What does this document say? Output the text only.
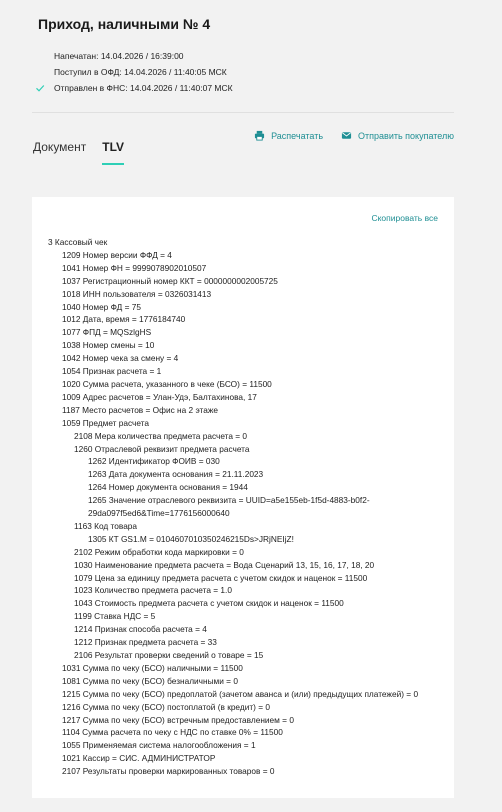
Приход, наличными № 4
Напечатан: 14.04.2026 / 16:39:00
Поступил в ОФД: 14.04.2026 / 11:40:05 МСК
Отправлен в ФНС: 14.04.2026 / 11:40:07 МСК
Распечатать	Отправить покупателю
Документ TLV
Скопировать все
3 Кассовый чек
1209 Номер версии ФФД = 4
1041 Номер ФН = 9999078902010507
1037 Регистрационный номер ККТ = 0000000002005725
1018 ИНН пользователя = 0326031413
1040 Номер ФД = 75
1012 Дата, время = 1776184740
1077 ФПД = MQSzlgHS
1038 Номер смены = 10
1042 Номер чека за смену = 4
1054 Признак расчета = 1
1020 Сумма расчета, указанного в чеке (БСО) = 11500
1009 Адрес расчетов = Улан-Удэ, Балтахинова, 17
1187 Место расчетов = Офис на 2 этаже
1059 Предмет расчета
2108 Мера количества предмета расчета = 0
1260 Отраслевой реквизит предмета расчета
1262 Идентификатор ФОИВ = 030
1263 Дата документа основания = 21.11.2023
1264 Номер документа основания = 1944
1265 Значение отраслевого реквизита = UUID=a5e155eb-1f5d-4883-b0f2-
29da097f5ed6&Time=1776156000640
1163 Код товара
1305 КТ GS1.M = 0104607010350246215Ds>JRjNEIjZ!
2102 Режим обработки кода маркировки = 0
1030 Наименование предмета расчета = Вода Сценарий 13, 15, 16, 17, 18, 20
1079 Цена за единицу предмета расчета с учетом скидок и наценок = 11500
1023 Количество предмета расчета = 1.0
1043 Стоимость предмета расчета с учетом скидок и наценок = 11500
1199 Ставка НДС = 5
1214 Признак способа расчета = 4
1212 Признак предмета расчета = 33
2106 Результат проверки сведений о товаре = 15
1031 Сумма по чеку (БСО) наличными = 11500
1081 Сумма по чеку (БСО) безналичными = 0
1215 Сумма по чеку (БСО) предоплатой (зачетом аванса и (или) предыдущих платежей) = 0
1216 Сумма по чеку (БСО) постоплатой (в кредит) = 0
1217 Сумма по чеку (БСО) встречным предоставлением = 0
1104 Сумма расчета по чеку с НДС по ставке 0% = 11500
1055 Применяемая система налогообложения = 1
1021 Кассир = СИС. АДМИНИСТРАТОР
2107 Результаты проверки маркированных товаров = 0
